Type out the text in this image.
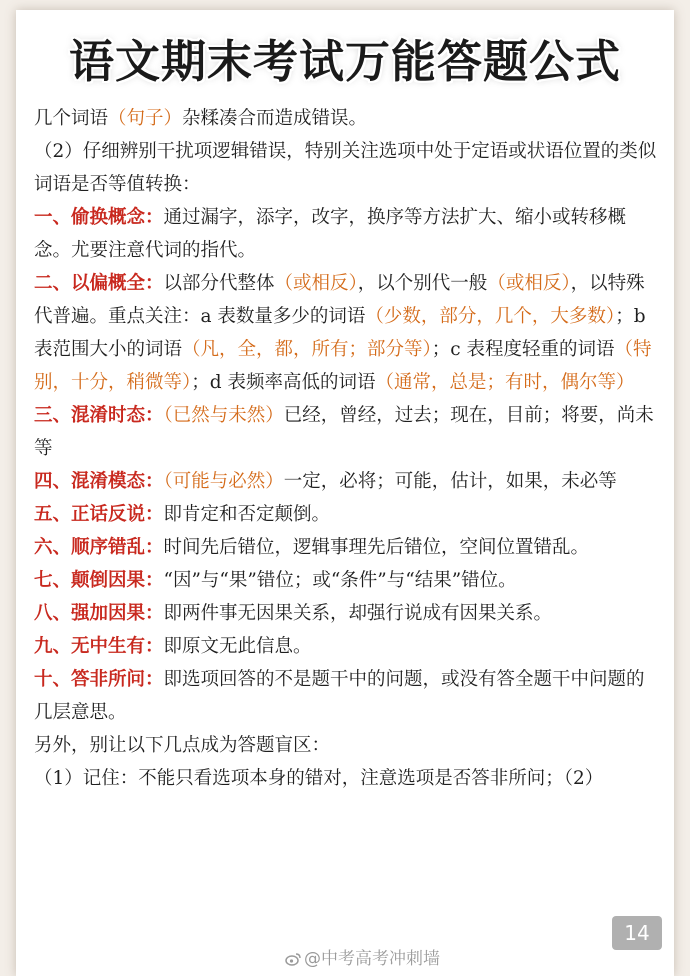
语文期末考试万能答题公式

几个词语（句子）杂糅凑合而造成错误。

（2）仔细辨别干扰项逻辑错误，特别关注选项中处于定语或状语位置的类似词语是否等值转换：

一、偷换概念：通过漏字，添字，改字，换序等方法扩大、缩小或转移概念。尤要注意代词的指代。

二、以偏概全：以部分代整体（或相反），以个别代一般（或相反），以特殊代普遍。重点关注：a 表数量多少的词语（少数，部分，几个，大多数）；b 表范围大小的词语（凡，全，都，所有；部分等）；c 表程度轻重的词语（特别，十分，稍微等）；d 表频率高低的词语（通常，总是；有时，偶尔等）

三、混淆时态：（已然与未然）已经，曾经，过去；现在，目前；将要，尚未等

四、混淆模态：（可能与必然）一定，必将；可能，估计，如果，未必等

五、正话反说：即肯定和否定颠倒。

六、顺序错乱：时间先后错位，逻辑事理先后错位，空间位置错乱。

七、颠倒因果：“因”与“果”错位；或“条件”与“结果”错位。

八、强加因果：即两件事无因果关系，却强行说成有因果关系。

九、无中生有：即原文无此信息。

十、答非所问：即选项回答的不是题干中的问题，或没有答全题干中问题的几层意思。

另外，别让以下几点成为答题盲区：

（1）记住：不能只看选项本身的错对，注意选项是否答非所问；（2）

14
@中考高考冲刺墙
